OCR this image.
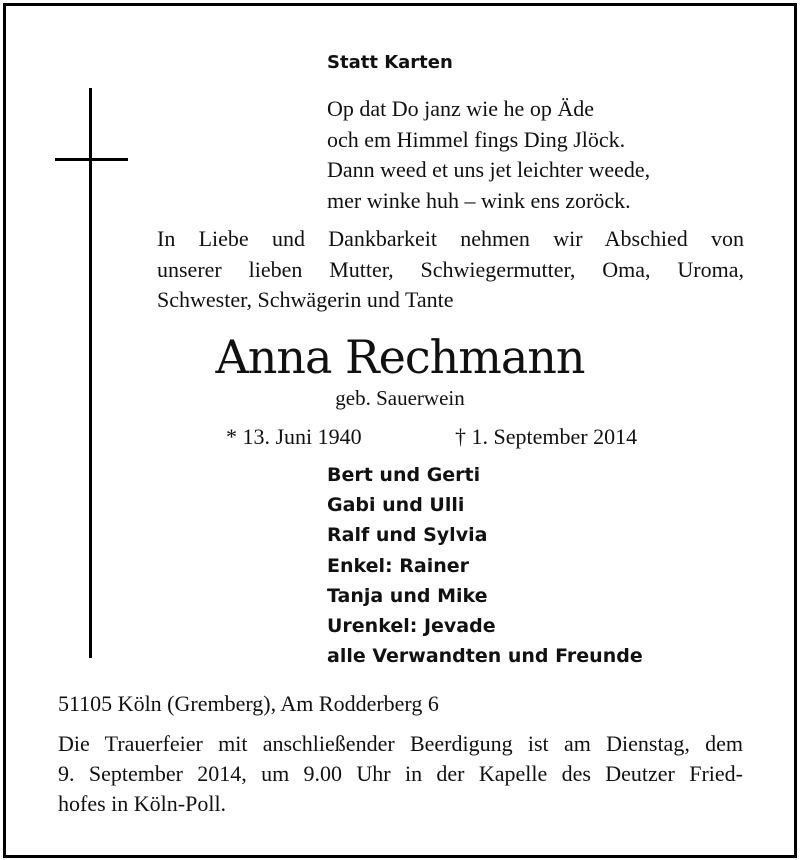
Statt Karten
Op dat Do janz wie he op Äde
och em Himmel fings Ding Jlöck.
Dann weed et uns jet leichter weede,
mer winke huh – wink ens zoröck.
In Liebe und Dankbarkeit nehmen wir Abschied von
unserer lieben Mutter, Schwiegermutter, Oma, Uroma,
Schwester, Schwägerin und Tante
Anna Rechmann
geb. Sauerwein
* 13. Juni 1940	† 1. September 2014
Bert und Gerti
Gabi und Ulli
Ralf und Sylvia
Enkel: Rainer
Tanja und Mike
Urenkel: Jevade
alle Verwandten und Freunde
51105 Köln (Gremberg), Am Rodderberg 6
Die Trauerfeier mit anschließender Beerdigung ist am Dienstag, dem
9. September 2014, um 9.00 Uhr in der Kapelle des Deutzer Fried-
hofes in Köln-Poll.
